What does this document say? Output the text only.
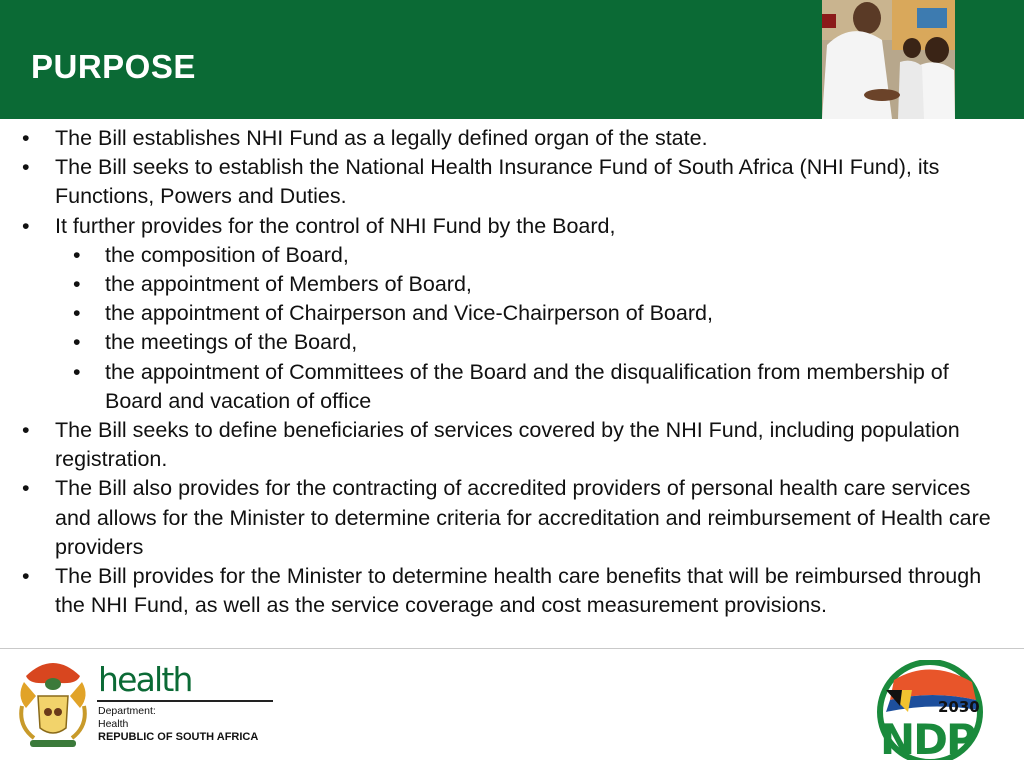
PURPOSE
• The Bill establishes NHI Fund as a legally defined organ of the state.
• The Bill seeks to establish the National Health Insurance Fund of South Africa (NHI Fund), its Functions, Powers and Duties.
• It further provides for the control of NHI Fund by the Board,
• the composition of Board,
• the appointment of Members of Board,
• the appointment of Chairperson and Vice-Chairperson of Board,
• the meetings of the Board,
• the appointment of Committees of the Board and the disqualification from membership of Board and vacation of office
• The Bill seeks to define beneficiaries of services covered by the NHI Fund, including population registration.
• The Bill also provides for the contracting of accredited providers of personal health care services and allows for the Minister to determine criteria for accreditation and reimbursement of Health care providers
• The Bill provides for the Minister to determine health care benefits that will be reimbursed through the NHI Fund, as well as the service coverage and cost measurement provisions.
health
Department:
Health
REPUBLIC OF SOUTH AFRICA
2030
NDP
